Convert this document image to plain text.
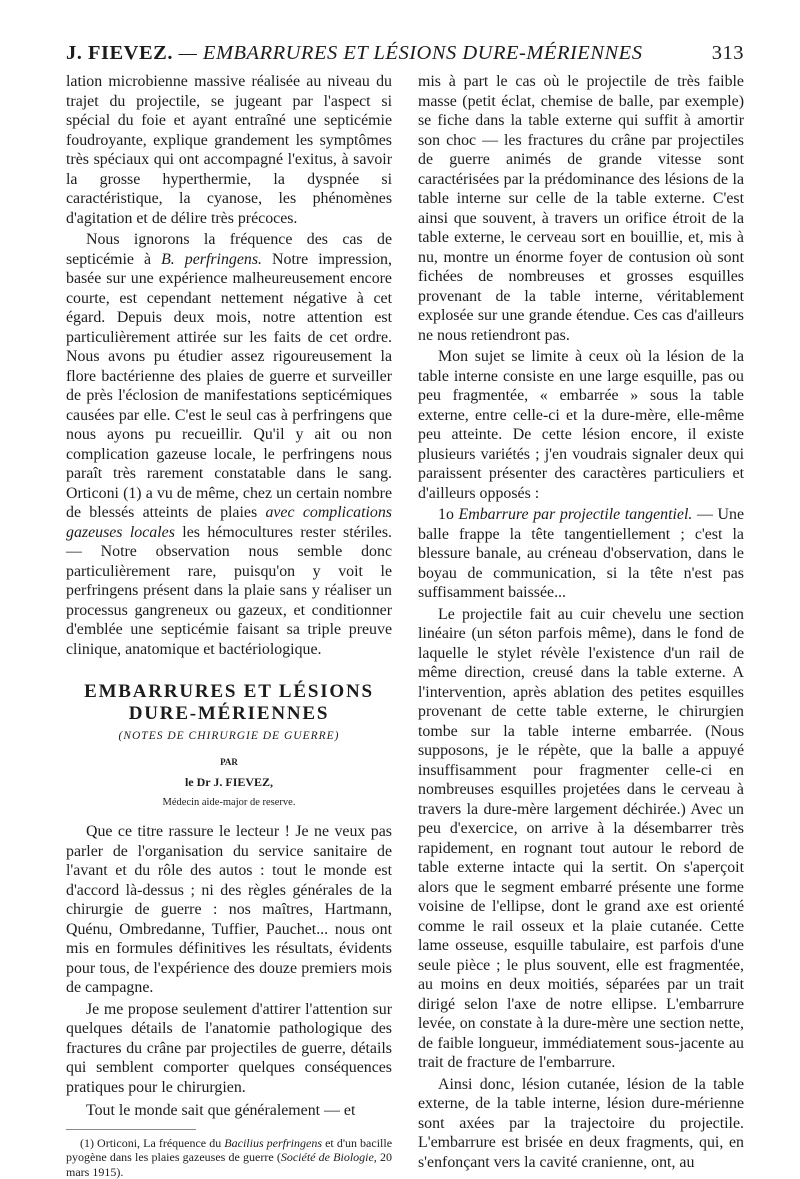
J. FIEVEZ. — EMBARRURES ET LÉSIONS DURE-MÉRIENNES	313

lation microbienne massive réalisée au niveau du trajet du projectile, se jugeant par l'aspect si spécial du foie et ayant entraîné une septicémie foudroyante, explique grandement les symptômes très spéciaux qui ont accompagné l'exitus, à savoir la grosse hyperthermie, la dyspnée si caractéristique, la cyanose, les phénomènes d'agitation et de délire très précoces.

Nous ignorons la fréquence des cas de septicémie à B. perfringens. Notre impression, basée sur une expérience malheureusement encore courte, est cependant nettement négative à cet égard. Depuis deux mois, notre attention est particulièrement attirée sur les faits de cet ordre. Nous avons pu étudier assez rigoureusement la flore bactérienne des plaies de guerre et surveiller de près l'éclosion de manifestations septicémiques causées par elle. C'est le seul cas à perfringens que nous ayons pu recueillir. Qu'il y ait ou non complication gazeuse locale, le perfringens nous paraît très rarement constatable dans le sang. Orticoni (1) a vu de même, chez un certain nombre de blessés atteints de plaies avec complications gazeuses locales les hémocultures rester stériles. — Notre observation nous semble donc particulièrement rare, puisqu'on y voit le perfringens présent dans la plaie sans y réaliser un processus gangreneux ou gazeux, et conditionner d'emblée une septicémie faisant sa triple preuve clinique, anatomique et bactériologique.

EMBARRURES ET LÉSIONS
DURE-MÉRIENNES
(NOTES DE CHIRURGIE DE GUERRE)
PAR
le Dr J. FIEVEZ,
Médecin aide-major de reserve.

Que ce titre rassure le lecteur ! Je ne veux pas parler de l'organisation du service sanitaire de l'avant et du rôle des autos : tout le monde est d'accord là-dessus ; ni des règles générales de la chirurgie de guerre : nos maîtres, Hartmann, Quénu, Ombredanne, Tuffier, Pauchet... nous ont mis en formules définitives les résultats, évidents pour tous, de l'expérience des douze premiers mois de campagne.

Je me propose seulement d'attirer l'attention sur quelques détails de l'anatomie pathologique des fractures du crâne par projectiles de guerre, détails qui semblent comporter quelques conséquences pratiques pour le chirurgien.

Tout le monde sait que généralement — et

(1) Orticoni, La fréquence du Bacilius perfringens et d'un bacille pyogène dans les plaies gazeuses de guerre (Société de Biologie, 20 mars 1915).

mis à part le cas où le projectile de très faible masse (petit éclat, chemise de balle, par exemple) se fiche dans la table externe qui suffit à amortir son choc — les fractures du crâne par projectiles de guerre animés de grande vitesse sont caractérisées par la prédominance des lésions de la table interne sur celle de la table externe. C'est ainsi que souvent, à travers un orifice étroit de la table externe, le cerveau sort en bouillie, et, mis à nu, montre un énorme foyer de contusion où sont fichées de nombreuses et grosses esquilles provenant de la table interne, véritablement explosée sur une grande étendue. Ces cas d'ailleurs ne nous retiendront pas.

Mon sujet se limite à ceux où la lésion de la table interne consiste en une large esquille, pas ou peu fragmentée, « embarrée » sous la table externe, entre celle-ci et la dure-mère, elle-même peu atteinte. De cette lésion encore, il existe plusieurs variétés ; j'en voudrais signaler deux qui paraissent présenter des caractères particuliers et d'ailleurs opposés :

1o Embarrure par projectile tangentiel. — Une balle frappe la tête tangentiellement ; c'est la blessure banale, au créneau d'observation, dans le boyau de communication, si la tête n'est pas suffisamment baissée...

Le projectile fait au cuir chevelu une section linéaire (un séton parfois même), dans le fond de laquelle le stylet révèle l'existence d'un rail de même direction, creusé dans la table externe. A l'intervention, après ablation des petites esquilles provenant de cette table externe, le chirurgien tombe sur la table interne embarrée. (Nous supposons, je le répète, que la balle a appuyé insuffisamment pour fragmenter celle-ci en nombreuses esquilles projetées dans le cerveau à travers la dure-mère largement déchirée.) Avec un peu d'exercice, on arrive à la désembarrer très rapidement, en rognant tout autour le rebord de table externe intacte qui la sertit. On s'aperçoit alors que le segment embarré présente une forme voisine de l'ellipse, dont le grand axe est orienté comme le rail osseux et la plaie cutanée. Cette lame osseuse, esquille tabulaire, est parfois d'une seule pièce ; le plus souvent, elle est fragmentée, au moins en deux moitiés, séparées par un trait dirigé selon l'axe de notre ellipse. L'embarrure levée, on constate à la dure-mère une section nette, de faible longueur, immédiatement sous-jacente au trait de fracture de l'embarrure.

Ainsi donc, lésion cutanée, lésion de la table externe, de la table interne, lésion dure-mérienne sont axées par la trajectoire du projectile. L'embarrure est brisée en deux fragments, qui, en s'enfonçant vers la cavité cranienne, ont, au
